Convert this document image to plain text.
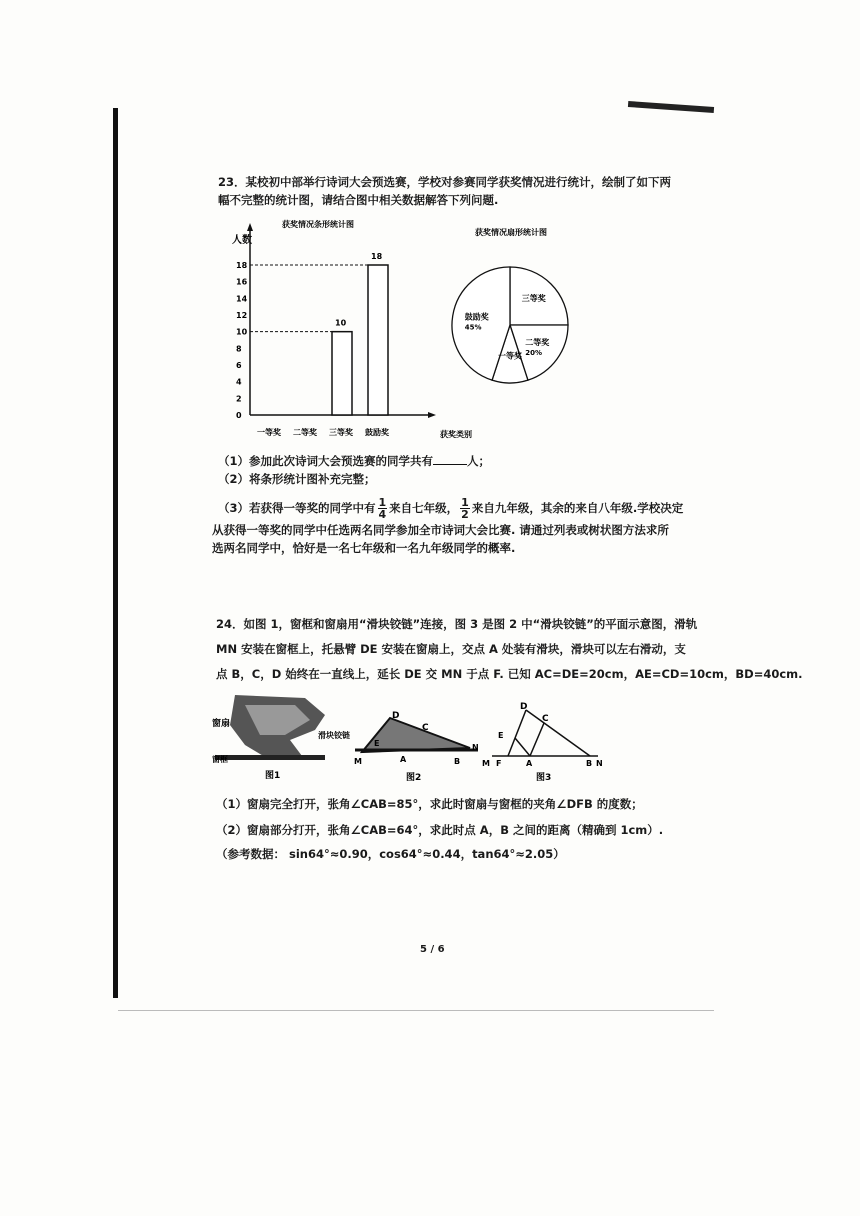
23．某校初中部举行诗词大会预选赛，学校对参赛同学获奖情况进行统计，绘制了如下两
幅不完整的统计图，请结合图中相关数据解答下列问题.
获奖情况条形统计图
人数
0
2
4
6
8
10
12
14
16
18
10
18
一等奖 二等奖 三等奖 鼓励奖	获奖类别
获奖情况扇形统计图
三等奖
二等奖
20%
一等奖
鼓励奖
45%
（1）参加此次诗词大会预选赛的同学共有	人；
（2）将条形统计图补充完整；
（3）若获得一等奖的同学中有 $\frac{1}{4}$ 来自七年级， $\frac{1}{2}$ 来自九年级，其余的来自八年级.学校决定
从获得一等奖的同学中任选两名同学参加全市诗词大会比赛. 请通过列表或树状图方法求所
选两名同学中，恰好是一名七年级和一名九年级同学的概率.
24．如图 1，窗框和窗扇用“滑块铰链”连接，图 3 是图 2 中“滑块铰链”的平面示意图，滑轨
MN 安装在窗框上，托悬臂 DE 安装在窗扇上，交点 A 处装有滑块，滑块可以左右滑动，支
点 B，C，D 始终在一直线上，延长 DE 交 MN 于点 F. 已知 AC=DE=20cm，AE=CD=10cm，BD=40cm.
窗扇
滑块铰链
窗框
图1
D
C
E
A
M
N
B
图2
D
C
E
M F	A	B N
图3
（1）窗扇完全打开，张角∠CAB=85°，求此时窗扇与窗框的夹角∠DFB 的度数；
（2）窗扇部分打开，张角∠CAB=64°，求此时点 A，B 之间的距离（精确到 1cm）.
（参考数据： sin64°≈0.90，cos64°≈0.44，tan64°≈2.05）
5 / 6
